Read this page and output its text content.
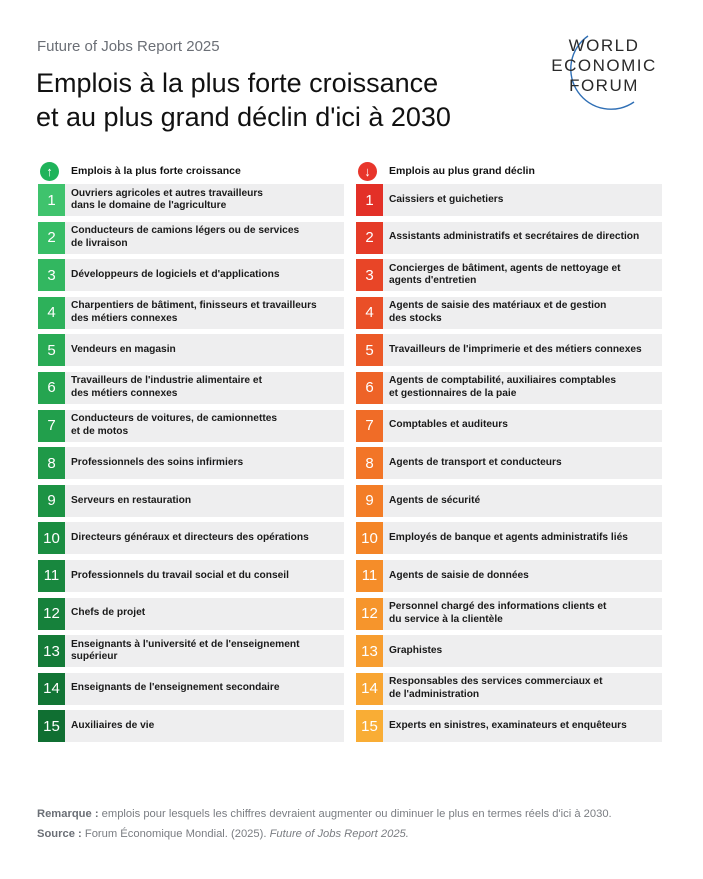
Future of Jobs Report 2025
Emplois à la plus forte croissance
et au plus grand déclin d'ici à 2030
WORLD
ECONOMIC
FORUM
↑	Emplois à la plus forte croissance
1	Ouvriers agricoles et autres travailleurs
dans le domaine de l'agriculture
2	Conducteurs de camions légers ou de services
de livraison
3	Développeurs de logiciels et d'applications
4	Charpentiers de bâtiment, finisseurs et travailleurs
des métiers connexes
5	Vendeurs en magasin
6	Travailleurs de l'industrie alimentaire et
des métiers connexes
7	Conducteurs de voitures, de camionnettes
et de motos
8	Professionnels des soins infirmiers
9	Serveurs en restauration
10	Directeurs généraux et directeurs des opérations
11	Professionnels du travail social et du conseil
12	Chefs de projet
13	Enseignants à l'université et de l'enseignement
supérieur
14	Enseignants de l'enseignement secondaire
15	Auxiliaires de vie
↓	Emplois au plus grand déclin
1	Caissiers et guichetiers
2	Assistants administratifs et secrétaires de direction
3	Concierges de bâtiment, agents de nettoyage et
agents d'entretien
4	Agents de saisie des matériaux et de gestion
des stocks
5	Travailleurs de l'imprimerie et des métiers connexes
6	Agents de comptabilité, auxiliaires comptables
et gestionnaires de la paie
7	Comptables et auditeurs
8	Agents de transport et conducteurs
9	Agents de sécurité
10	Employés de banque et agents administratifs liés
11	Agents de saisie de données
12	Personnel chargé des informations clients et
du service à la clientèle
13	Graphistes
14	Responsables des services commerciaux et
de l'administration
15	Experts en sinistres, examinateurs et enquêteurs
Remarque : emplois pour lesquels les chiffres devraient augmenter ou diminuer le plus en termes réels d'ici à 2030.
Source : Forum Économique Mondial. (2025). Future of Jobs Report 2025.
